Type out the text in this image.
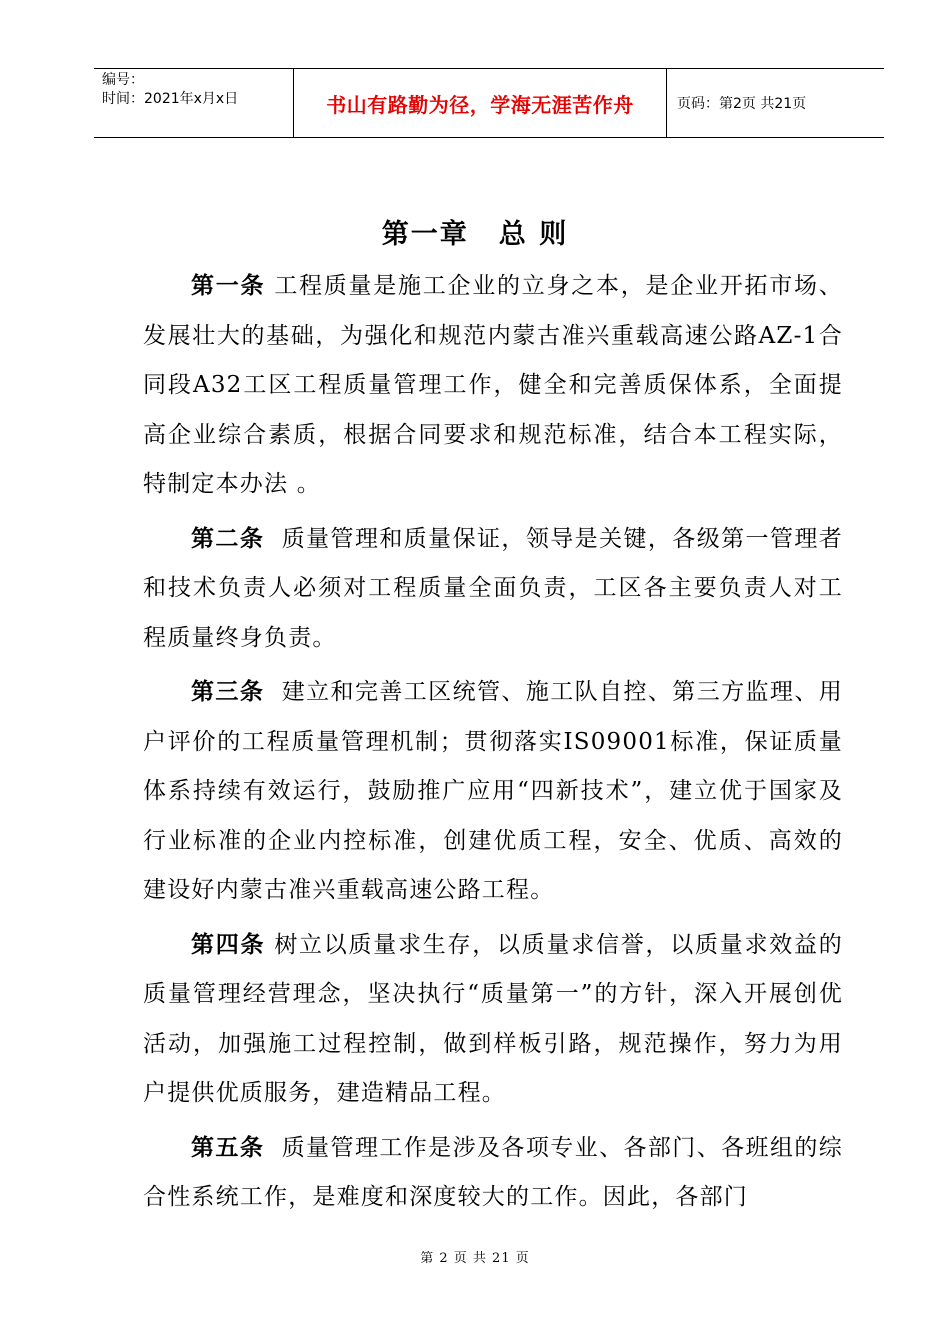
编号：
时间：2021年x月x日	书山有路勤为径，学海无涯苦作舟	页码：第2页 共21页
第一章 总 则

第一条 工程质量是施工企业的立身之本，是企业开拓市场、发展壮大的基础，为强化和规范内蒙古准兴重载高速公路AZ-1合同段A32工区工程质量管理工作，健全和完善质保体系，全面提高企业综合素质，根据合同要求和规范标准，结合本工程实际，特制定本办法 。

第二条 质量管理和质量保证，领导是关键，各级第一管理者和技术负责人必须对工程质量全面负责，工区各主要负责人对工程质量终身负责。

第三条 建立和完善工区统管、施工队自控、第三方监理、用户评价的工程质量管理机制；贯彻落实IS09001标准，保证质量体系持续有效运行，鼓励推广应用“四新技术”，建立优于国家及行业标准的企业内控标准，创建优质工程，安全、优质、高效的建设好内蒙古准兴重载高速公路工程。

第四条 树立以质量求生存，以质量求信誉，以质量求效益的质量管理经营理念，坚决执行“质量第一”的方针，深入开展创优活动，加强施工过程控制，做到样板引路，规范操作，努力为用户提供优质服务，建造精品工程。

第五条 质量管理工作是涉及各项专业、各部门、各班组的综合性系统工作，是难度和深度较大的工作。因此，各部门

第 2 页 共 21 页
